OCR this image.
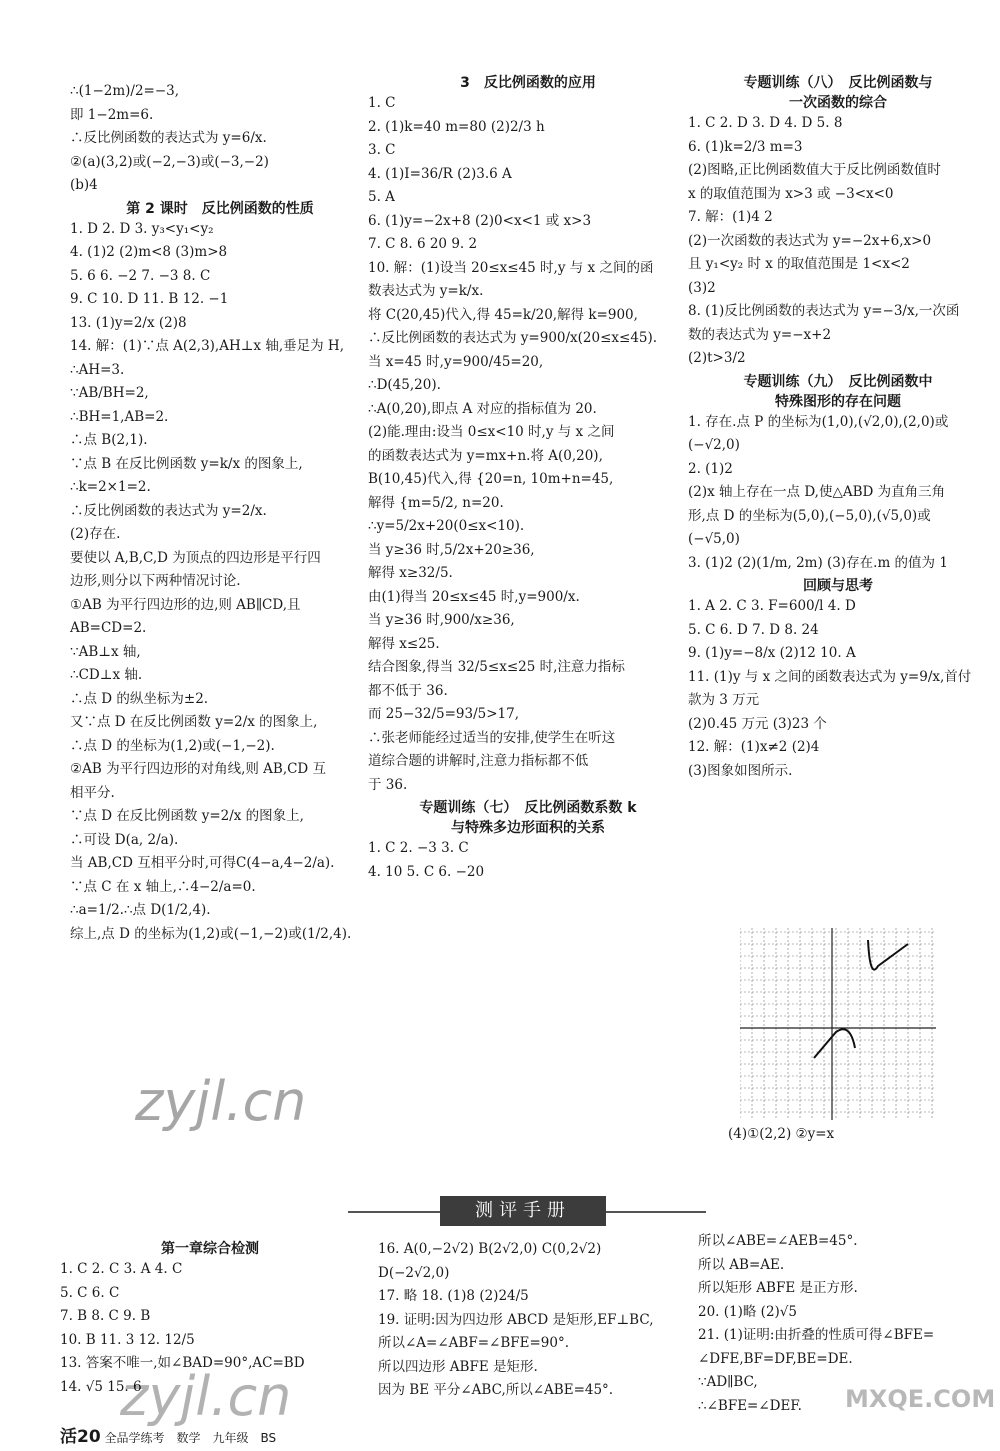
∴(1−2m)/2=−3,

即 1−2m=6.

∴反比例函数的表达式为 y=6/x.

②(a)(3,2)或(−2,−3)或(−3,−2)

(b)4

第 2 课时　反比例函数的性质

1. D 2. D 3. y₃<y₁<y₂

4. (1)2 (2)m<8 (3)m>8

5. 6 6. −2 7. −3 8. C

9. C 10. D 11. B 12. −1

13. (1)y=2/x (2)8

14. 解：(1)∵点 A(2,3),AH⊥x 轴,垂足为 H,

∴AH=3.

∵AB/BH=2,

∴BH=1,AB=2.

∴点 B(2,1).

∵点 B 在反比例函数 y=k/x 的图象上,

∴k=2×1=2.

∴反比例函数的表达式为 y=2/x.

(2)存在.

要使以 A,B,C,D 为顶点的四边形是平行四

边形,则分以下两种情况讨论.

①AB 为平行四边形的边,则 AB∥CD,且

AB=CD=2.

∵AB⊥x 轴,

∴CD⊥x 轴.

∴点 D 的纵坐标为±2.

又∵点 D 在反比例函数 y=2/x 的图象上,

∴点 D 的坐标为(1,2)或(−1,−2).

②AB 为平行四边形的对角线,则 AB,CD 互

相平分.

∵点 D 在反比例函数 y=2/x 的图象上,

∴可设 D(a, 2/a).

当 AB,CD 互相平分时,可得C(4−a,4−2/a).

∵点 C 在 x 轴上,∴4−2/a=0.

∴a=1/2.∴点 D(1/2,4).

综上,点 D 的坐标为(1,2)或(−1,−2)或(1/2,4).

3　反比例函数的应用

1. C

2. (1)k=40 m=80 (2)2/3 h

3. C

4. (1)I=36/R (2)3.6 A

5. A

6. (1)y=−2x+8 (2)0<x<1 或 x>3

7. C 8. 6 20 9. 2

10. 解：(1)设当 20≤x≤45 时,y 与 x 之间的函

数表达式为 y=k/x.

将 C(20,45)代入,得 45=k/20,解得 k=900,

∴反比例函数的表达式为 y=900/x(20≤x≤45).

当 x=45 时,y=900/45=20,

∴D(45,20).

∴A(0,20),即点 A 对应的指标值为 20.

(2)能.理由:设当 0≤x<10 时,y 与 x 之间

的函数表达式为 y=mx+n.将 A(0,20),

B(10,45)代入,得 {20=n, 10m+n=45,

解得 {m=5/2, n=20.

∴y=5/2x+20(0≤x<10).

当 y≥36 时,5/2x+20≥36,

解得 x≥32/5.

由(1)得当 20≤x≤45 时,y=900/x.

当 y≥36 时,900/x≥36,

解得 x≤25.

结合图象,得当 32/5≤x≤25 时,注意力指标

都不低于 36.

而 25−32/5=93/5>17,

∴张老师能经过适当的安排,使学生在听这

道综合题的讲解时,注意力指标都不低

于 36.

专题训练（七）　反比例函数系数 k

与特殊多边形面积的关系

1. C 2. −3 3. C

4. 10 5. C 6. −20

专题训练（八）　反比例函数与

一次函数的综合

1. C 2. D 3. D 4. D 5. 8

6. (1)k=2/3 m=3

(2)图略,正比例函数值大于反比例函数值时

x 的取值范围为 x>3 或 −3<x<0

7. 解：(1)4 2

(2)一次函数的表达式为 y=−2x+6,x>0

且 y₁<y₂ 时 x 的取值范围是 1<x<2

(3)2

8. (1)反比例函数的表达式为 y=−3/x,一次函

数的表达式为 y=−x+2

(2)t>3/2

专题训练（九）　反比例函数中

特殊图形的存在问题

1. 存在.点 P 的坐标为(1,0),(√2,0),(2,0)或

(−√2,0)

2. (1)2

(2)x 轴上存在一点 D,使△ABD 为直角三角

形,点 D 的坐标为(5,0),(−5,0),(√5,0)或

(−√5,0)

3. (1)2 (2)(1/m, 2m) (3)存在.m 的值为 1

回顾与思考

1. A 2. C 3. F=600/l 4. D

5. C 6. D 7. D 8. 24

9. (1)y=−8/x (2)12 10. A

11. (1)y 与 x 之间的函数表达式为 y=9/x,首付

款为 3 万元

(2)0.45 万元 (3)23 个

12. 解：(1)x≠2 (2)4

(3)图象如图所示.

(4)①(2,2) ②y=x

测评手册

第一章综合检测

1. C 2. C 3. A 4. C

5. C 6. C

7. B 8. C 9. B

10. B 11. 3 12. 12/5

13. 答案不唯一,如∠BAD=90°,AC=BD

14. √5 15. 6

16. A(0,−2√2) B(2√2,0) C(0,2√2)

D(−2√2,0)

17. 略 18. (1)8 (2)24/5

19. 证明:因为四边形 ABCD 是矩形,EF⊥BC,

所以∠A=∠ABF=∠BFE=90°.

所以四边形 ABFE 是矩形.

因为 BE 平分∠ABC,所以∠ABE=45°.

所以∠ABE=∠AEB=45°.

所以 AB=AE.

所以矩形 ABFE 是正方形.

20. (1)略 (2)√5

21. (1)证明:由折叠的性质可得∠BFE=

∠DFE,BF=DF,BE=DE.

∵AD∥BC,

∴∠BFE=∠DEF.

活20 全品学练考　数学　九年级　BS
zyjl.cn
zyjl.cn	MXQE.COM
